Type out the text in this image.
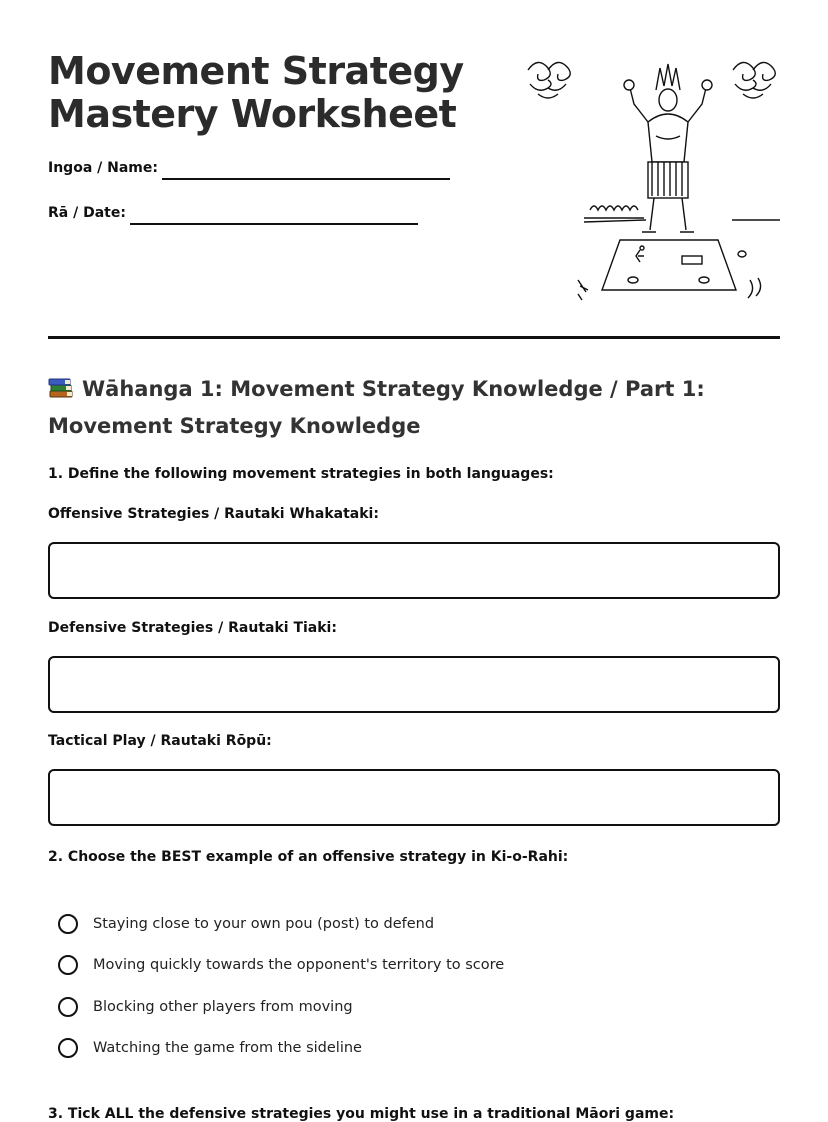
Movement Strategy
Mastery Worksheet
Ingoa / Name:
Rā / Date:
Wāhanga 1: Movement Strategy Knowledge / Part 1: Movement Strategy Knowledge
1. Define the following movement strategies in both languages:
Offensive Strategies / Rautaki Whakataki:
Defensive Strategies / Rautaki Tiaki:
Tactical Play / Rautaki Rōpū:
2. Choose the BEST example of an offensive strategy in Ki-o-Rahi:
Staying close to your own pou (post) to defend
Moving quickly towards the opponent's territory to score
Blocking other players from moving
Watching the game from the sideline
3. Tick ALL the defensive strategies you might use in a traditional Māori game:
